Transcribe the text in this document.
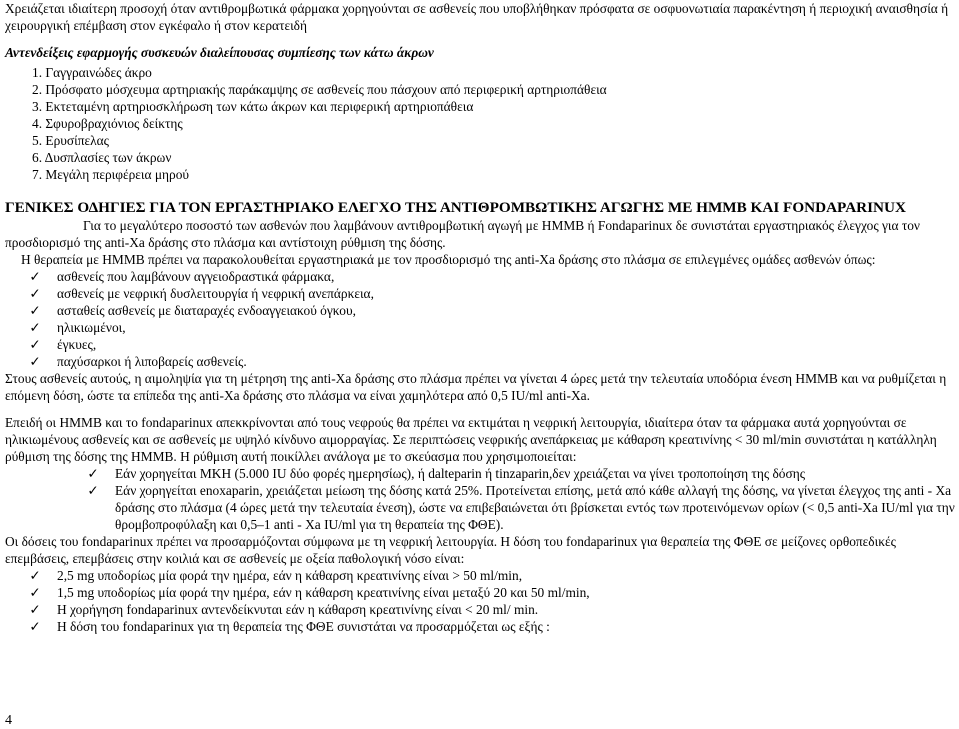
Χρειάζεται ιδιαίτερη προσοχή όταν αντιθρομβωτικά φάρμακα χορηγούνται σε ασθενείς που υποβλήθηκαν πρόσφατα σε οσφυονωτιαία παρακέντηση ή περιοχική αναισθησία ή χειρουργική επέμβαση στον εγκέφαλο ή στον κερατειδή

Αντενδείξεις εφαρμογής συσκευών διαλείπουσας συμπίεσης των κάτω άκρων

1. Γαγγραινώδες άκρο
2. Πρόσφατο μόσχευμα αρτηριακής παράκαμψης σε ασθενείς που πάσχουν από περιφερική αρτηριοπάθεια
3. Εκτεταμένη αρτηριοσκλήρωση των κάτω άκρων και περιφερική αρτηριοπάθεια
4. Σφυροβραχιόνιος δείκτης
5. Ερυσίπελας
6. Δυσπλασίες των άκρων
7. Μεγάλη περιφέρεια μηρού

ΓΕΝΙΚΕΣ ΟΔΗΓΙΕΣ ΓΙΑ ΤΟΝ ΕΡΓΑΣΤΗΡΙΑΚΟ ΕΛΕΓΧΟ ΤΗΣ ΑΝΤΙΘΡΟΜΒΩΤΙΚΗΣ ΑΓΩΓΗΣ ΜΕ ΗΜΜΒ ΚΑΙ FONDAPARINUX

Για το μεγαλύτερο ποσοστό των ασθενών που λαμβάνουν αντιθρομβωτική αγωγή με ΗΜΜΒ ή Fondaparinux δε συνιστάται εργαστηριακός έλεγχος για τον προσδιορισμό της anti-Xa δράσης στο πλάσμα και αντίστοιχη ρύθμιση της δόσης.

Η θεραπεία με ΗΜΜΒ πρέπει να παρακολουθείται εργαστηριακά με τον προσδιορισμό της anti-Xa δράσης στο πλάσμα σε επιλεγμένες ομάδες ασθενών όπως:

✓ ασθενείς που λαμβάνουν αγγειοδραστικά φάρμακα,
✓ ασθενείς με νεφρική δυσλειτουργία ή νεφρική ανεπάρκεια,
✓ ασταθείς ασθενείς με διαταραχές ενδοαγγειακού όγκου,
✓ ηλικιωμένοι,
✓ έγκυες,
✓ παχύσαρκοι ή λιποβαρείς ασθενείς.

Στους ασθενείς αυτούς, η αιμοληψία για τη μέτρηση της anti-Xa δράσης στο πλάσμα πρέπει να γίνεται 4 ώρες μετά την τελευταία υποδόρια ένεση ΗΜΜΒ και να ρυθμίζεται η επόμενη δόση, ώστε τα επίπεδα της anti-Xa δράσης στο πλάσμα να είναι χαμηλότερα από 0,5 IU/ml anti-Xa.

Επειδή οι ΗΜΜΒ και το fondaparinux απεκκρίνονται από τους νεφρούς θα πρέπει να εκτιμάται η νεφρική λειτουργία, ιδιαίτερα όταν τα φάρμακα αυτά χορηγούνται σε ηλικιωμένους ασθενείς και σε ασθενείς με υψηλό κίνδυνο αιμορραγίας. Σε περιπτώσεις νεφρικής ανεπάρκειας με κάθαρση κρεατινίνης < 30 ml/min συνιστάται η κατάλληλη ρύθμιση της δόσης της ΗΜΜΒ. Η ρύθμιση αυτή ποικίλλει ανάλογα με το σκεύασμα που χρησιμοποιείται:

✓ Εάν χορηγείται ΜΚΗ (5.000 IU δύο φορές ημερησίως), ή dalteparin ή tinzaparin,δεν χρειάζεται να γίνει τροποποίηση της δόσης
✓ Εάν χορηγείται enoxaparin, χρειάζεται μείωση της δόσης κατά 25%. Προτείνεται επίσης, μετά από κάθε αλλαγή της δόσης, να γίνεται έλεγχος της anti - Xa δράσης στο πλάσμα (4 ώρες μετά την τελευταία ένεση), ώστε να επιβεβαιώνεται ότι βρίσκεται εντός των προτεινόμενων ορίων (< 0,5 anti-Xa IU/ml για την θρομβοπροφύλαξη και 0,5–1 anti - Xa IU/ml για τη θεραπεία της ΦΘΕ).

Οι δόσεις του fondaparinux πρέπει να προσαρμόζονται σύμφωνα με τη νεφρική λειτουργία. Η δόση του fondaparinux για θεραπεία της ΦΘΕ σε μείζονες ορθοπεδικές επεμβάσεις, επεμβάσεις στην κοιλιά και σε ασθενείς με οξεία παθολογική νόσο είναι:

✓ 2,5 mg υποδορίως μία φορά την ημέρα, εάν η κάθαρση κρεατινίνης είναι > 50 ml/min,
✓ 1,5 mg υποδορίως μία φορά την ημέρα, εάν η κάθαρση κρεατινίνης είναι μεταξύ 20 και 50 ml/min,
✓ Η χορήγηση fondaparinux αντενδείκνυται εάν η κάθαρση κρεατινίνης είναι < 20 ml/ min.
✓ Η δόση του fondaparinux για τη θεραπεία της ΦΘΕ συνιστάται να προσαρμόζεται ως εξής :
4
